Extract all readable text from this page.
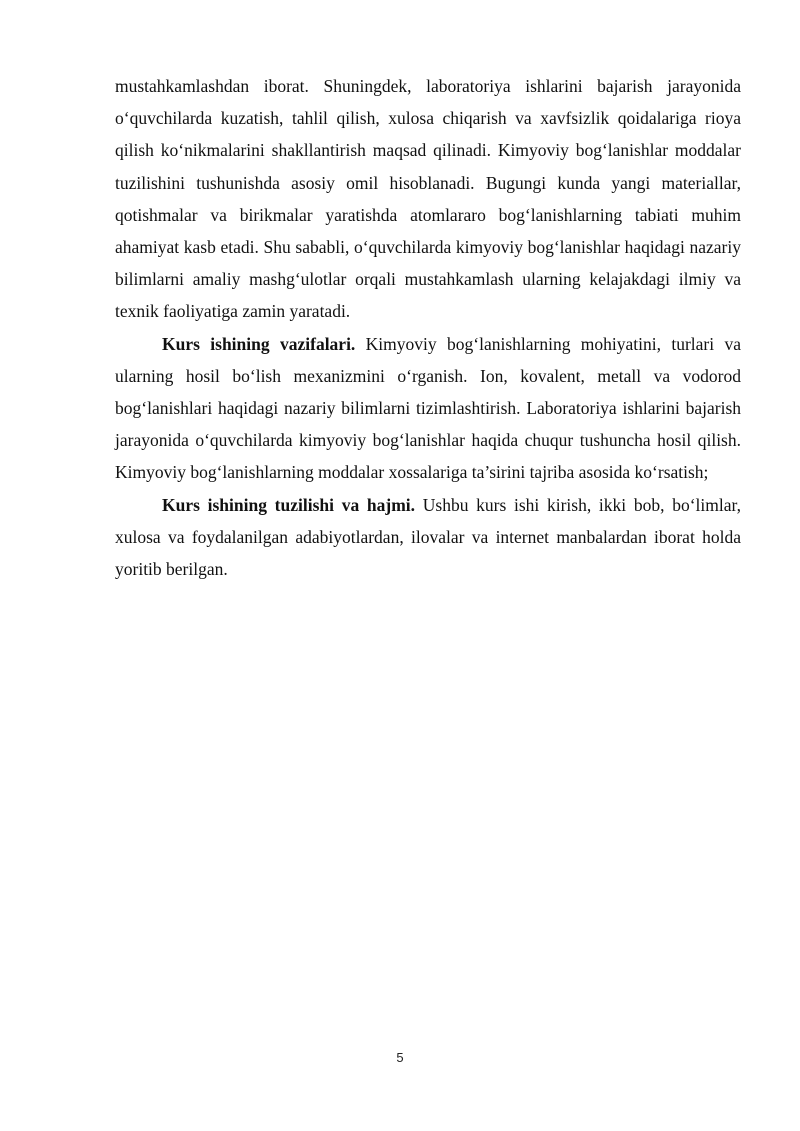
mustahkamlashdan iborat. Shuningdek, laboratoriya ishlarini bajarish jarayonida o‘quvchilarda kuzatish, tahlil qilish, xulosa chiqarish va xavfsizlik qoidalariga rioya qilish ko‘nikmalarini shakllantirish maqsad qilinadi. Kimyoviy bog‘lanishlar moddalar tuzilishini tushunishda asosiy omil hisoblanadi. Bugungi kunda yangi materiallar, qotishmalar va birikmalar yaratishda atomlararo bog‘lanishlarning tabiati muhim ahamiyat kasb etadi. Shu sababli, o‘quvchilarda kimyoviy bog‘lanishlar haqidagi nazariy bilimlarni amaliy mashg‘ulotlar orqali mustahkamlash ularning kelajakdagi ilmiy va texnik faoliyatiga zamin yaratadi.

Kurs ishining vazifalari. Kimyoviy bog‘lanishlarning mohiyatini, turlari va ularning hosil bo‘lish mexanizmini o‘rganish. Ion, kovalent, metall va vodorod bog‘lanishlari haqidagi nazariy bilimlarni tizimlashtirish. Laboratoriya ishlarini bajarish jarayonida o‘quvchilarda kimyoviy bog‘lanishlar haqida chuqur tushuncha hosil qilish. Kimyoviy bog‘lanishlarning moddalar xossalariga ta’sirini tajriba asosida ko‘rsatish;

Kurs ishining tuzilishi va hajmi. Ushbu kurs ishi kirish, ikki bob, bo‘limlar, xulosa va foydalanilgan adabiyotlardan, ilovalar va internet manbalardan iborat holda yoritib berilgan.

5
